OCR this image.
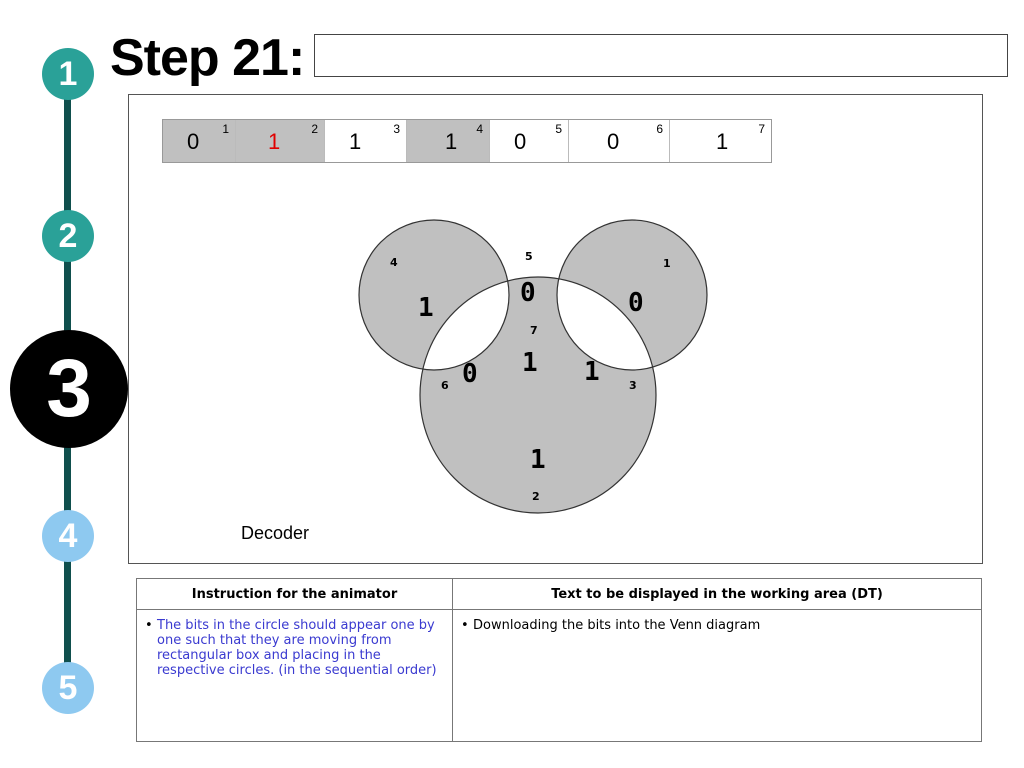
1
2
3
4
5
Step 21:
0 1 1	2 1	3 1 4 0 5 0	6 1	7
4	1
2
5
6	3
7
1	0
1
0
0	1
1
Decoder
Instruction for the animator	Text to be displayed in the working area (DT)

• The bits in the circle should appear one by one such that they are moving from rectangular box and placing in the respective circles. (in the sequential order)	• Downloading the bits into the Venn diagram
